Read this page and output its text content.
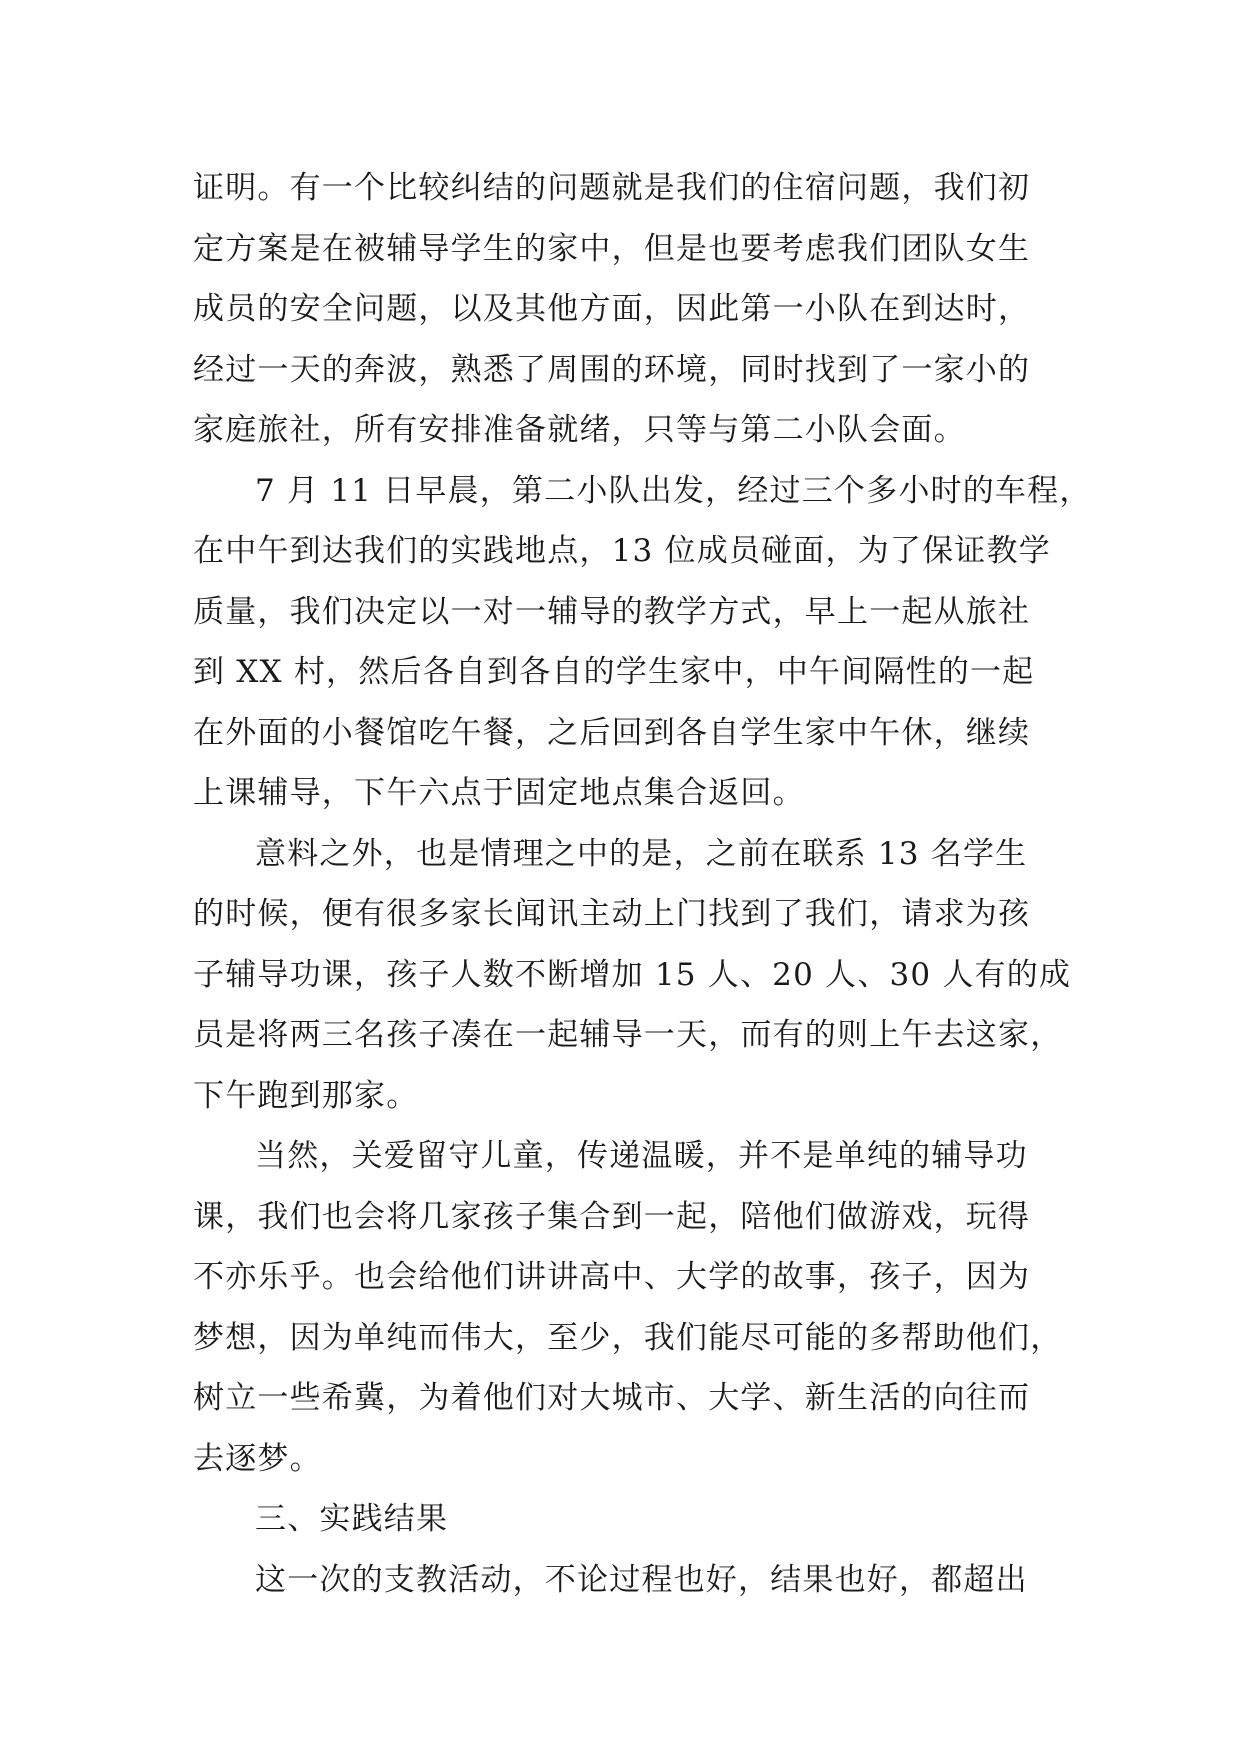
证明。有一个比较纠结的问题就是我们的住宿问题，我们初
定方案是在被辅导学生的家中，但是也要考虑我们团队女生
成员的安全问题，以及其他方面，因此第一小队在到达时，
经过一天的奔波，熟悉了周围的环境，同时找到了一家小的
家庭旅社，所有安排准备就绪，只等与第二小队会面。
7 月 11 日早晨，第二小队出发，经过三个多小时的车程，
在中午到达我们的实践地点，13 位成员碰面，为了保证教学
质量，我们决定以一对一辅导的教学方式，早上一起从旅社
到 XX 村，然后各自到各自的学生家中，中午间隔性的一起
在外面的小餐馆吃午餐，之后回到各自学生家中午休，继续
上课辅导，下午六点于固定地点集合返回。
意料之外，也是情理之中的是，之前在联系 13 名学生
的时候，便有很多家长闻讯主动上门找到了我们，请求为孩
子辅导功课，孩子人数不断增加 15 人、20 人、30 人有的成
员是将两三名孩子凑在一起辅导一天，而有的则上午去这家，
下午跑到那家。
当然，关爱留守儿童，传递温暖，并不是单纯的辅导功
课，我们也会将几家孩子集合到一起，陪他们做游戏，玩得
不亦乐乎。也会给他们讲讲高中、大学的故事，孩子，因为
梦想，因为单纯而伟大，至少，我们能尽可能的多帮助他们，
树立一些希冀，为着他们对大城市、大学、新生活的向往而
去逐梦。
三、实践结果
这一次的支教活动，不论过程也好，结果也好，都超出
